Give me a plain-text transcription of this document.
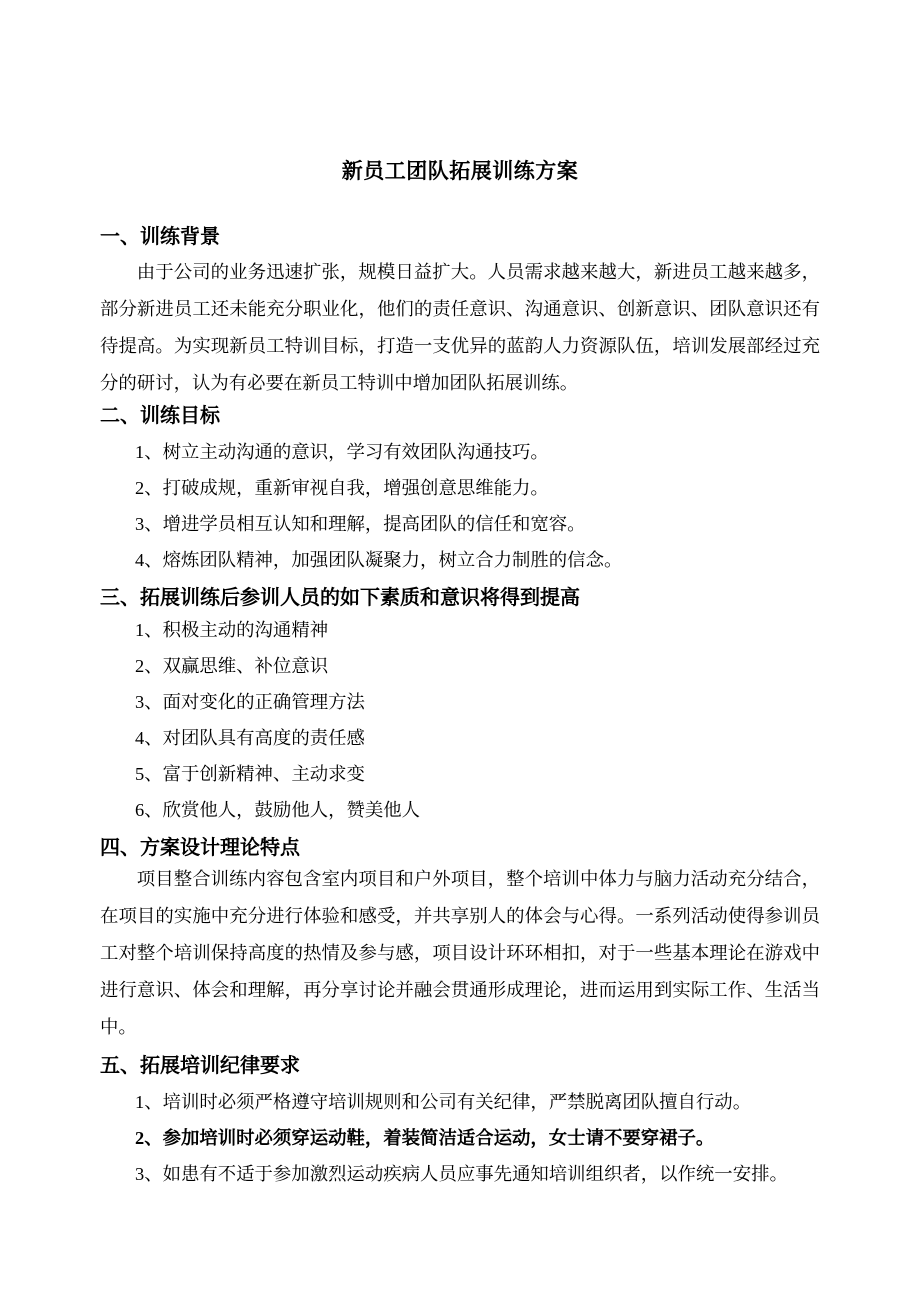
新员工团队拓展训练方案
一、训练背景

由于公司的业务迅速扩张，规模日益扩大。人员需求越来越大，新进员工越来越多，部分新进员工还未能充分职业化，他们的责任意识、沟通意识、创新意识、团队意识还有待提高。为实现新员工特训目标，打造一支优异的蓝韵人力资源队伍，培训发展部经过充分的研讨，认为有必要在新员工特训中增加团队拓展训练。

二、训练目标

1、树立主动沟通的意识，学习有效团队沟通技巧。

2、打破成规，重新审视自我，增强创意思维能力。

3、增进学员相互认知和理解，提高团队的信任和宽容。

4、熔炼团队精神，加强团队凝聚力，树立合力制胜的信念。

三、拓展训练后参训人员的如下素质和意识将得到提高

1、积极主动的沟通精神

2、双赢思维、补位意识

3、面对变化的正确管理方法

4、对团队具有高度的责任感

5、富于创新精神、主动求变

6、欣赏他人，鼓励他人，赞美他人

四、方案设计理论特点

项目整合训练内容包含室内项目和户外项目，整个培训中体力与脑力活动充分结合，在项目的实施中充分进行体验和感受，并共享别人的体会与心得。一系列活动使得参训员工对整个培训保持高度的热情及参与感，项目设计环环相扣，对于一些基本理论在游戏中进行意识、体会和理解，再分享讨论并融会贯通形成理论，进而运用到实际工作、生活当中。

五、拓展培训纪律要求

1、培训时必须严格遵守培训规则和公司有关纪律，严禁脱离团队擅自行动。

2、参加培训时必须穿运动鞋，着装简洁适合运动，女士请不要穿裙子。

3、如患有不适于参加激烈运动疾病人员应事先通知培训组织者，以作统一安排。
